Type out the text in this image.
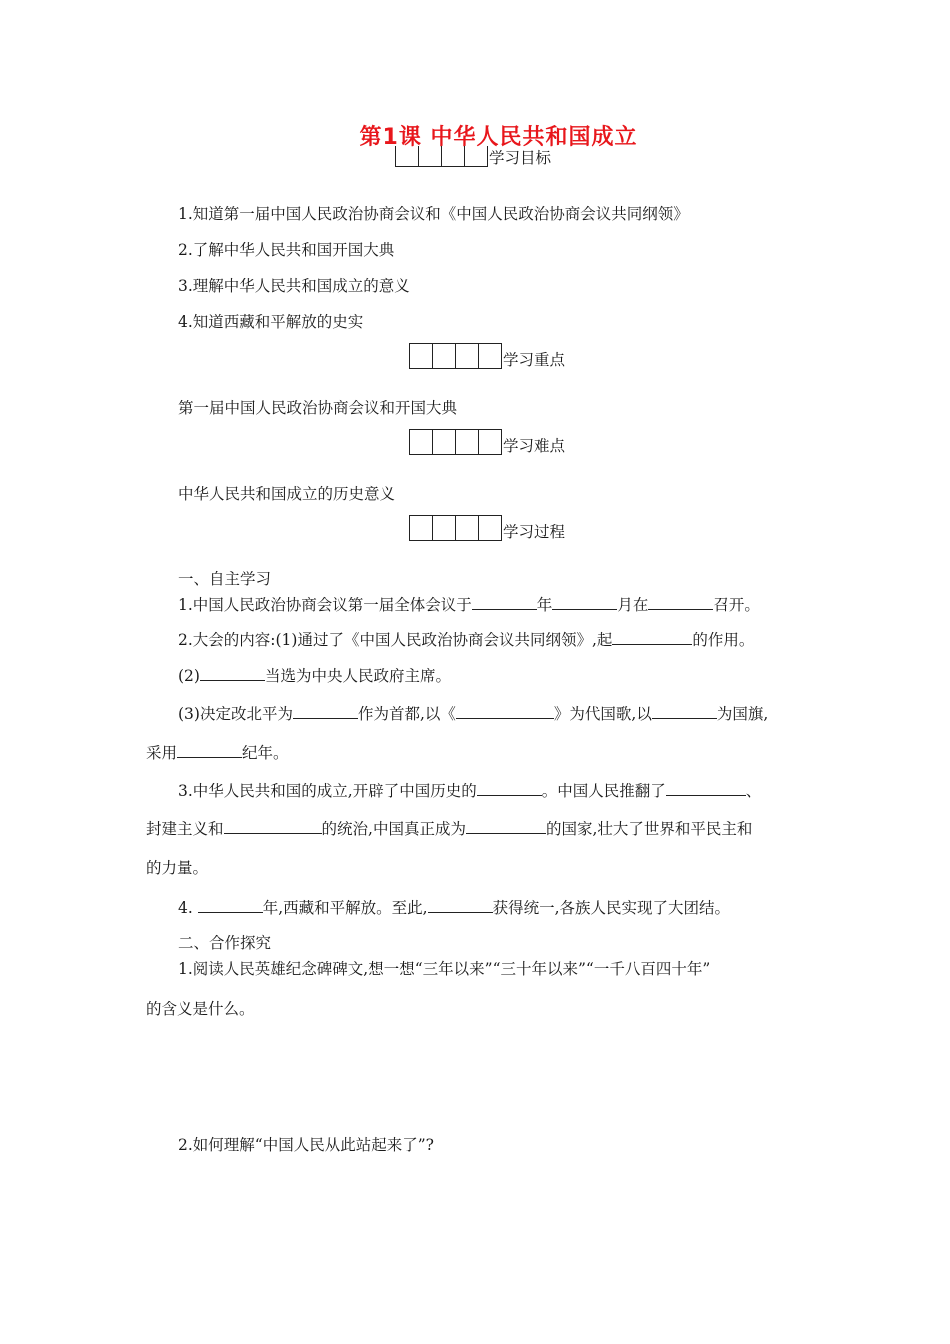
第1课 中华人民共和国成立
学习目标
1.知道第一届中国人民政治协商会议和《中国人民政治协商会议共同纲领》
2.了解中华人民共和国开国大典
3.理解中华人民共和国成立的意义
4.知道西藏和平解放的史实
学习重点
第一届中国人民政治协商会议和开国大典
学习难点
中华人民共和国成立的历史意义
学习过程
一、自主学习
1.中国人民政治协商会议第一届全体会议于	年	月在	召开。
2.大会的内容:(1)通过了《中国人民政治协商会议共同纲领》,起	的作用。
(2)	当选为中央人民政府主席。
(3)决定改北平为	作为首都,以《	》为代国歌,以	为国旗,
采用	纪年。
3.中华人民共和国的成立,开辟了中国历史的	。中国人民推翻了	、
封建主义和	的统治,中国真正成为	的国家,壮大了世界和平民主和
的力量。
4.	年,西藏和平解放。至此,	获得统一,各族人民实现了大团结。
二、合作探究
1.阅读人民英雄纪念碑碑文,想一想“三年以来”“三十年以来”“一千八百四十年”
的含义是什么。
2.如何理解“中国人民从此站起来了”?
